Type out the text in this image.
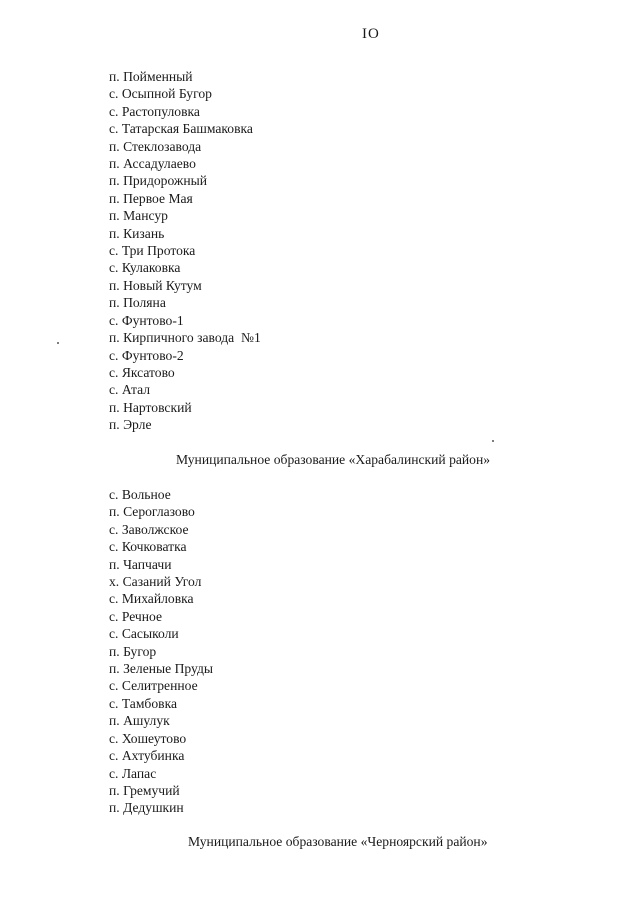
IO
п. Пойменный
с. Осыпной Бугор
с. Растопуловка
с. Татарская Башмаковка
п. Стеклозавода
п. Ассадулаево
п. Придорожный
п. Первое Мая
п. Мансур
п. Кизань
с. Три Протока
с. Кулаковка
п. Новый Кутум
п. Поляна
с. Фунтово-1
п. Кирпичного завода  №1
с. Фунтово-2
с. Яксатово
с. Атал
п. Нартовский
п. Эрле
Муниципальное образование «Харабалинский район»
с. Вольное
п. Сероглазово
с. Заволжское
с. Кочковатка
п. Чапчачи
х. Сазаний Угол
с. Михайловка
с. Речное
с. Сасыколи
п. Бугор
п. Зеленые Пруды
с. Селитренное
с. Тамбовка
п. Ашулук
с. Хошеутово
с. Ахтубинка
с. Лапас
п. Гремучий
п. Дедушкин
Муниципальное образование «Черноярский район»
